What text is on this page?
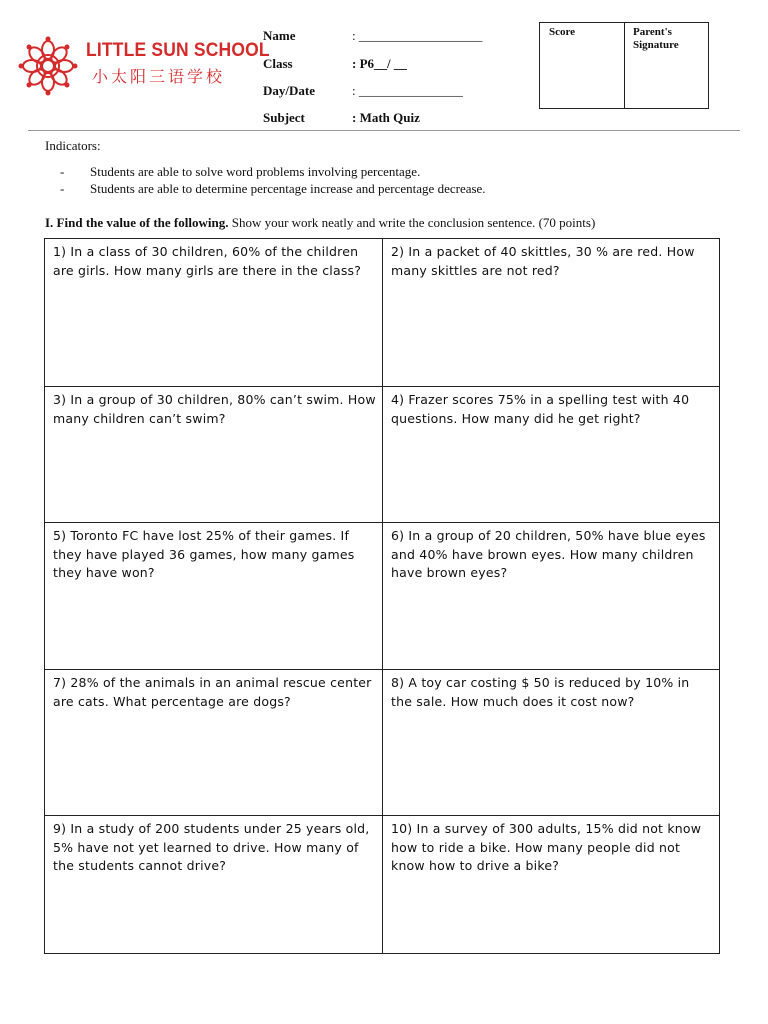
LITTLE SUN SCHOOL
小太阳三语学校
Name	: ___________________
Class	: P6__/ __
Day/Date	: ________________
Subject	: Math Quiz
Score	Parent's Signature
Indicators:
- Students are able to solve word problems involving percentage.
- Students are able to determine percentage increase and percentage decrease.
I. Find the value of the following. Show your work neatly and write the conclusion sentence. (70 points)
1) In a class of 30 children, 60% of the children are girls. How many girls are there in the class?
2) In a packet of 40 skittles, 30 % are red. How many skittles are not red?
3) In a group of 30 children, 80% can’t swim. How many children can’t swim?
4) Frazer scores 75% in a spelling test with 40 questions. How many did he get right?
5) Toronto FC have lost 25% of their games. If they have played 36 games, how many games they have won?
6) In a group of 20 children, 50% have blue eyes and 40% have brown eyes. How many children have brown eyes?
7) 28% of the animals in an animal rescue center are cats. What percentage are dogs?
8) A toy car costing $ 50 is reduced by 10% in the sale. How much does it cost now?
9) In a study of 200 students under 25 years old, 5% have not yet learned to drive. How many of the students cannot drive?
10) In a survey of 300 adults, 15% did not know how to ride a bike. How many people did not know how to drive a bike?
